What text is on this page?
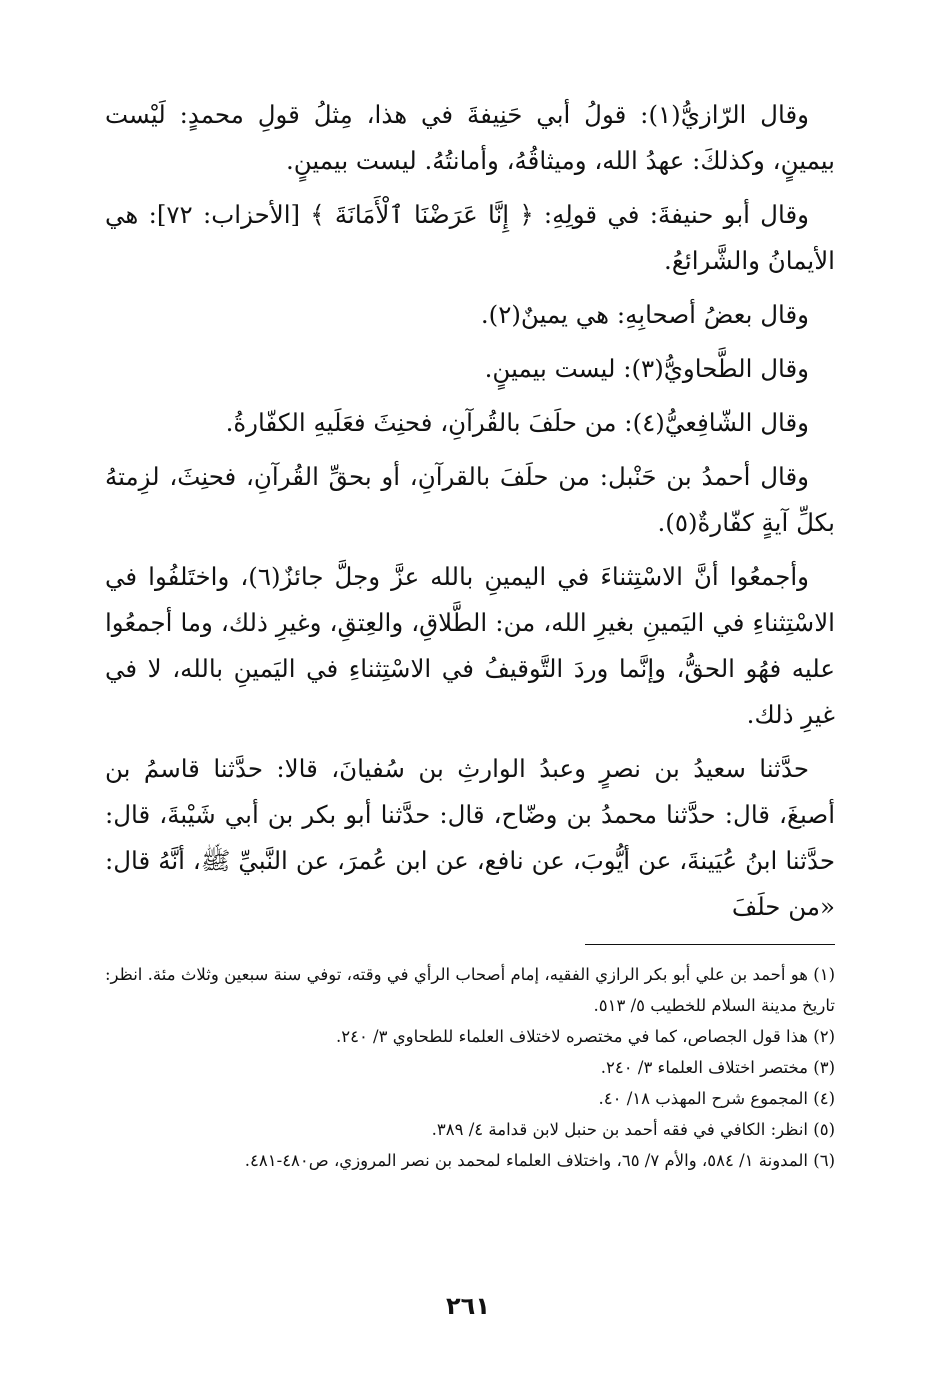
وقال الرّازيُّ(١): قولُ أبي حَنِيفةَ في هذا، مِثلُ قولِ محمدٍ: لَيْست بيمينٍ، وكذلكَ: عهدُ الله، وميثاقُهُ، وأمانتُهُ. ليست بيمينٍ.

وقال أبو حنيفةَ: في قولِهِ: ﴿ إِنَّا عَرَضْنَا ٱلْأَمَانَةَ ﴾ [الأحزاب: ٧٢]: هي الأيمانُ والشَّرائعُ.

وقال بعضُ أصحابِهِ: هي يمينٌ(٢).

وقال الطَّحاويُّ(٣): ليست بيمينٍ.

وقال الشّافِعيُّ(٤): من حلَفَ بالقُرآنِ، فحنِثَ فعَلَيهِ الكفّارةُ.

وقال أحمدُ بن حَنْبل: من حلَفَ بالقرآنِ، أو بحقِّ القُرآنِ، فحنِثَ، لزِمتهُ بكلِّ آيةٍ كفّارةٌ(٥).

وأجمعُوا أنَّ الاسْتِثناءَ في اليمينِ بالله عزَّ وجلَّ جائزٌ(٦)، واختَلفُوا في الاسْتِثناءِ في اليَمينِ بغيرِ الله، من: الطَّلاقِ، والعِتقِ، وغيرِ ذلك، وما أجمعُوا عليه فهُو الحقُّ، وإنَّما وردَ التَّوقيفُ في الاسْتِثناءِ في اليَمينِ بالله، لا في غيرِ ذلك.

حدَّثنا سعيدُ بن نصرٍ وعبدُ الوارثِ بن سُفيانَ، قالا: حدَّثنا قاسمُ بن أصبغَ، قال: حدَّثنا محمدُ بن وضّاح، قال: حدَّثنا أبو بكر بن أبي شَيْبةَ، قال: حدَّثنا ابنُ عُيَينةَ، عن أيُّوبَ، عن نافع، عن ابن عُمرَ، عن النَّبيِّ ﷺ، أنَّهُ قال: «من حلَفَ

(١) هو أحمد بن علي أبو بكر الرازي الفقيه، إمام أصحاب الرأي في وقته، توفي سنة سبعين وثلاث مئة. انظر: تاريخ مدينة السلام للخطيب ٥/ ٥١٣.

(٢) هذا قول الجصاص، كما في مختصره لاختلاف العلماء للطحاوي ٣/ ٢٤٠.

(٣) مختصر اختلاف العلماء ٣/ ٢٤٠.

(٤) المجموع شرح المهذب ١٨/ ٤٠.

(٥) انظر: الكافي في فقه أحمد بن حنبل لابن قدامة ٤/ ٣٨٩.

(٦) المدونة ١/ ٥٨٤، والأم ٧/ ٦٥، واختلاف العلماء لمحمد بن نصر المروزي، ص٤٨٠-٤٨١.

٢٦١
